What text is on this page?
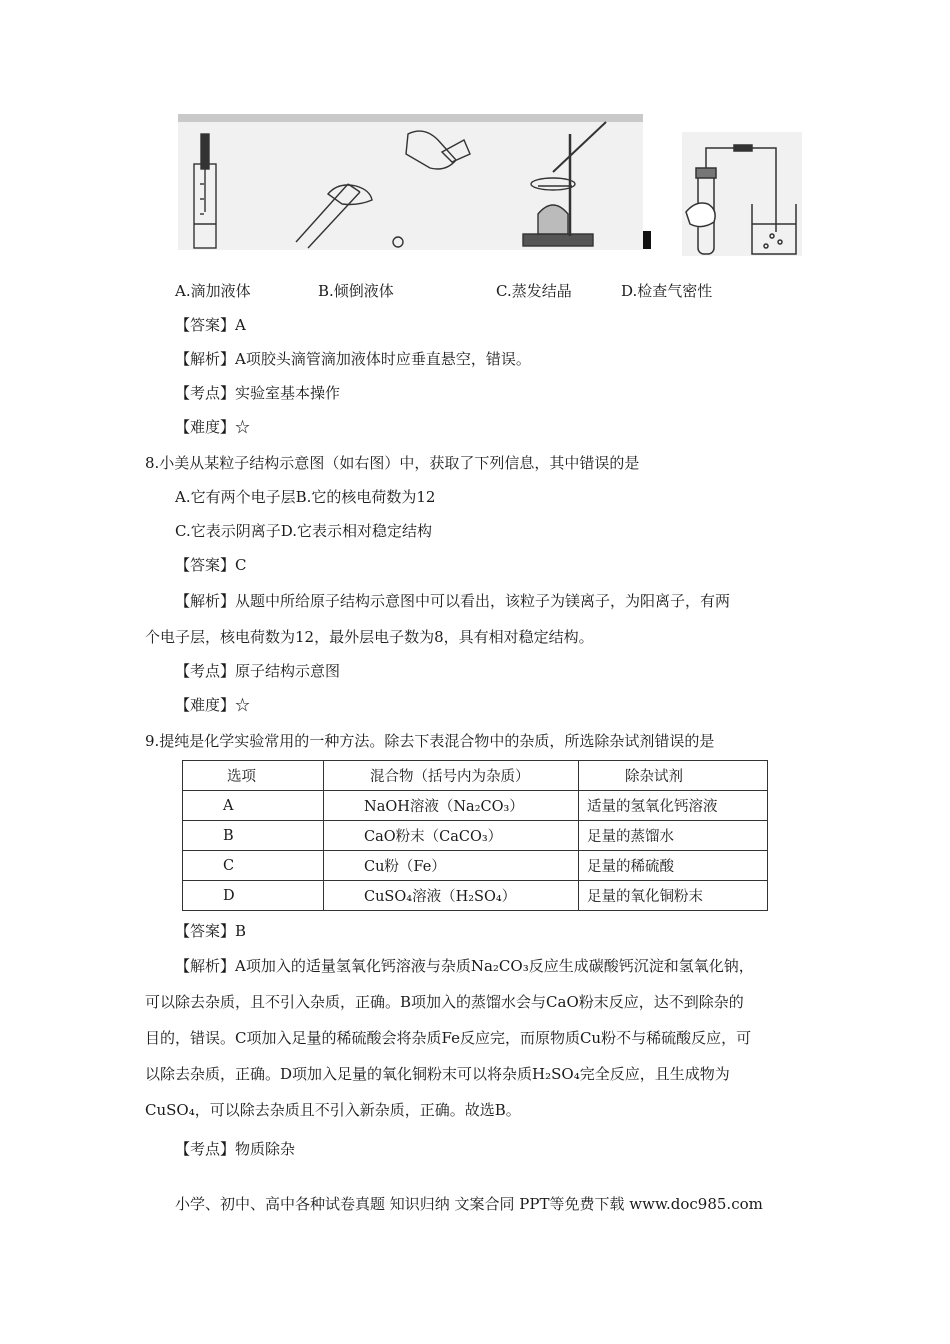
A.滴加液体	B.倾倒液体	C.蒸发结晶	D.检查气密性
【答案】A
【解析】A项胶头滴管滴加液体时应垂直悬空，错误。
【考点】实验室基本操作
【难度】☆
8.小美从某粒子结构示意图（如右图）中，获取了下列信息，其中错误的是
A.它有两个电子层B.它的核电荷数为12
C.它表示阴离子D.它表示相对稳定结构
【答案】C
【解析】从题中所给原子结构示意图中可以看出，该粒子为镁离子，为阳离子，有两
个电子层，核电荷数为12，最外层电子数为8，具有相对稳定结构。
【考点】原子结构示意图
【难度】☆
9.提纯是化学实验常用的一种方法。除去下表混合物中的杂质，所选除杂试剂错误的是
选项	混合物（括号内为杂质）	除杂试剂
A	NaOH溶液（Na₂CO₃）	适量的氢氧化钙溶液
B	CaO粉末（CaCO₃）	足量的蒸馏水
C	Cu粉（Fe）	足量的稀硫酸
D	CuSO₄溶液（H₂SO₄）	足量的氧化铜粉末
【答案】B
【解析】A项加入的适量氢氧化钙溶液与杂质Na₂CO₃反应生成碳酸钙沉淀和氢氧化钠，
可以除去杂质，且不引入杂质，正确。B项加入的蒸馏水会与CaO粉末反应，达不到除杂的
目的，错误。C项加入足量的稀硫酸会将杂质Fe反应完，而原物质Cu粉不与稀硫酸反应，可
以除去杂质，正确。D项加入足量的氧化铜粉末可以将杂质H₂SO₄完全反应，且生成物为
CuSO₄，可以除去杂质且不引入新杂质，正确。故选B。
【考点】物质除杂
小学、初中、高中各种试卷真题 知识归纳 文案合同 PPT等免费下载 www.doc985.com
